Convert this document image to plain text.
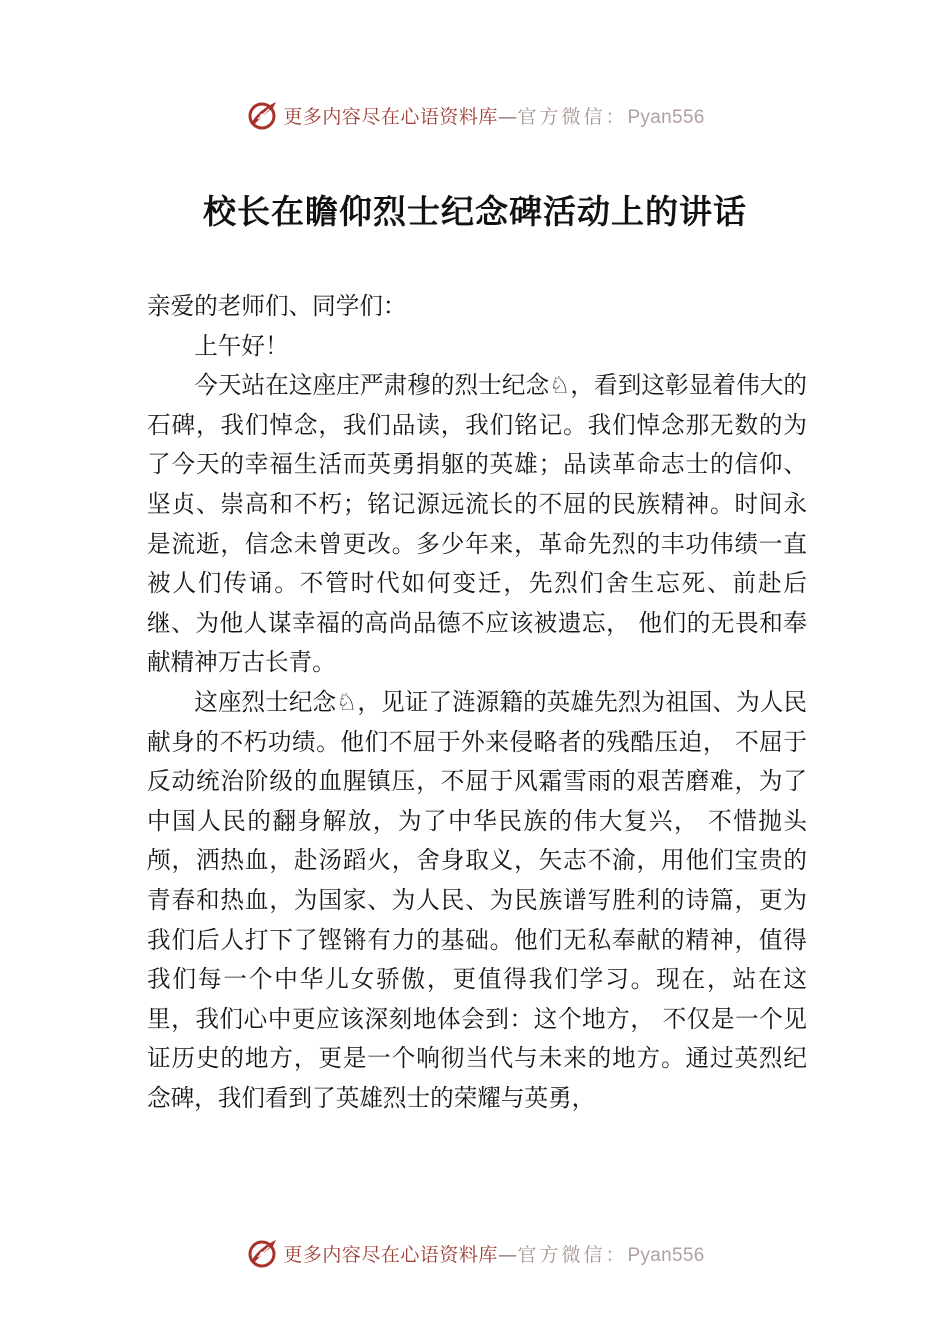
更多内容尽在心语资料库—官方微信：Pyan556
校长在瞻仰烈士纪念碑活动上的讲话

亲爱的老师们、同学们：

上午好！

今天站在这座庄严肃穆的烈士纪念♘，看到这彰显着伟大的石碑，我们悼念，我们品读，我们铭记。我们悼念那无数的为了今天的幸福生活而英勇捐躯的英雄；品读革命志士的信仰、坚贞、崇高和不朽；铭记源远流长的不屈的民族精神。时间永是流逝，信念未曾更改。多少年来，革命先烈的丰功伟绩一直被人们传诵。不管时代如何变迁，先烈们舍生忘死、前赴后继、为他人谋幸福的高尚品德不应该被遗忘， 他们的无畏和奉献精神万古长青。

这座烈士纪念♘，见证了涟源籍的英雄先烈为祖国、为人民献身的不朽功绩。他们不屈于外来侵略者的残酷压迫， 不屈于反动统治阶级的血腥镇压，不屈于风霜雪雨的艰苦磨难，为了中国人民的翻身解放，为了中华民族的伟大复兴， 不惜抛头颅，洒热血，赴汤蹈火，舍身取义，矢志不渝，用他们宝贵的青春和热血，为国家、为人民、为民族谱写胜利的诗篇，更为我们后人打下了铿锵有力的基础。他们无私奉献的精神，值得我们每一个中华儿女骄傲，更值得我们学习。现在，站在这里，我们心中更应该深刻地体会到：这个地方， 不仅是一个见证历史的地方，更是一个响彻当代与未来的地方。通过英烈纪念碑，我们看到了英雄烈士的荣耀与英勇，

更多内容尽在心语资料库—官方微信：Pyan556
